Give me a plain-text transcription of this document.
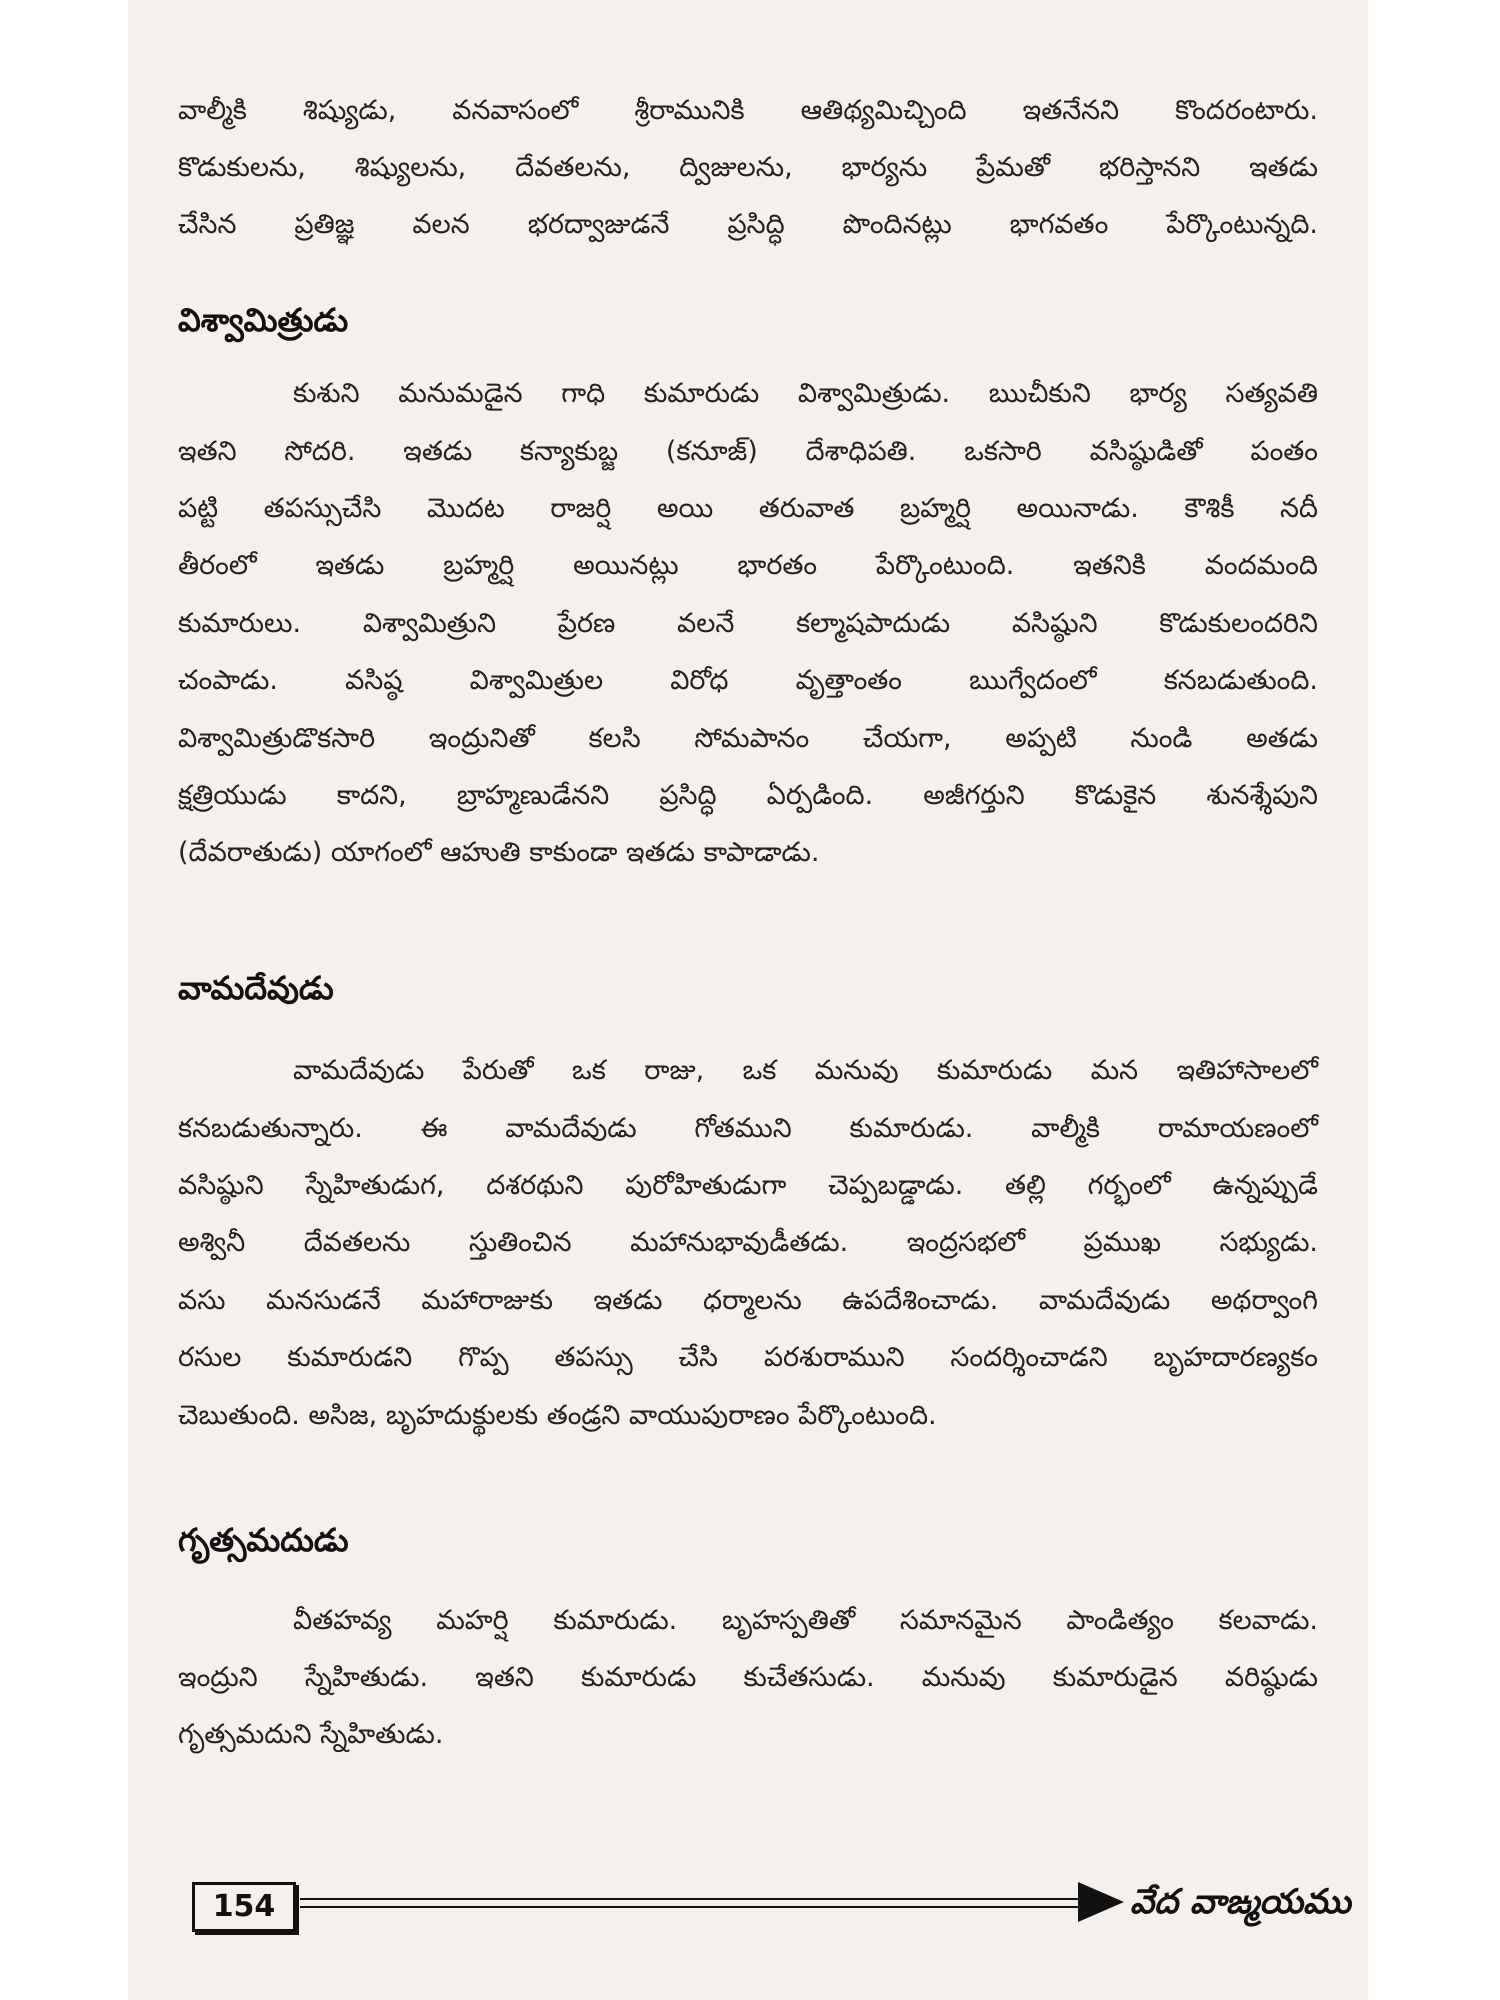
వాల్మీకి శిష్యుడు, వనవాసంలో శ్రీరామునికి ఆతిథ్యమిచ్చింది ఇతనేనని కొందరంటారు.
కొడుకులను, శిష్యులను, దేవతలను, ద్విజులను, భార్యను ప్రేమతో భరిస్తానని ఇతడు
చేసిన ప్రతిజ్ఞ వలన భరద్వాజుడనే ప్రసిద్ధి పొందినట్లు భాగవతం పేర్కొంటున్నది.
విశ్వామిత్రుడు
కుశుని మనుమడైన గాధి కుమారుడు విశ్వామిత్రుడు. ఋచీకుని భార్య సత్యవతి
ఇతని సోదరి. ఇతడు కన్యాకుబ్జ (కనూజ్) దేశాధిపతి. ఒకసారి వసిష్ఠుడితో పంతం
పట్టి తపస్సుచేసి మొదట రాజర్షి అయి తరువాత బ్రహ్మర్షి అయినాడు. కౌశికీ నదీ
తీరంలో ఇతడు బ్రహ్మర్షి అయినట్లు భారతం పేర్కొంటుంది. ఇతనికి వందమంది
కుమారులు. విశ్వామిత్రుని ప్రేరణ వలనే కల్మాషపాదుడు వసిష్ఠుని కొడుకులందరిని
చంపాడు. వసిష్ఠ విశ్వామిత్రుల విరోధ వృత్తాంతం ఋగ్వేదంలో కనబడుతుంది.
విశ్వామిత్రుడొకసారి ఇంద్రునితో కలసి సోమపానం చేయగా, అప్పటి నుండి అతడు
క్షత్రియుడు కాదని, బ్రాహ్మణుడేనని ప్రసిద్ధి ఏర్పడింది. అజీగర్తుని కొడుకైన శునశ్శేపుని
(దేవరాతుడు) యాగంలో ఆహుతి కాకుండా ఇతడు కాపాడాడు.
వామదేవుడు
వామదేవుడు పేరుతో ఒక రాజు, ఒక మనువు కుమారుడు మన ఇతిహాసాలలో
కనబడుతున్నారు. ఈ వామదేవుడు గోతముని కుమారుడు. వాల్మీకి రామాయణంలో
వసిష్ఠుని స్నేహితుడుగ, దశరథుని పురోహితుడుగా చెప్పబడ్డాడు. తల్లి గర్భంలో ఉన్నప్పుడే
అశ్వినీ దేవతలను స్తుతించిన మహానుభావుడీతడు. ఇంద్రసభలో ప్రముఖ సభ్యుడు.
వసు మనసుడనే మహారాజుకు ఇతడు ధర్మాలను ఉపదేశించాడు. వామదేవుడు అథర్వాంగి
రసుల కుమారుడని గొప్ప తపస్సు చేసి పరశురాముని సందర్శించాడని బృహదారణ్యకం
చెబుతుంది. అసిజ, బృహదుక్థులకు తండ్రని వాయుపురాణం పేర్కొంటుంది.
గృత్సమదుడు
వీతహవ్య మహర్షి కుమారుడు. బృహస్పతితో సమానమైన పాండిత్యం కలవాడు.
ఇంద్రుని స్నేహితుడు. ఇతని కుమారుడు కుచేతసుడు. మనువు కుమారుడైన వరిష్ఠుడు
గృత్సమదుని స్నేహితుడు.
154	వేద వాఙ్మయము
